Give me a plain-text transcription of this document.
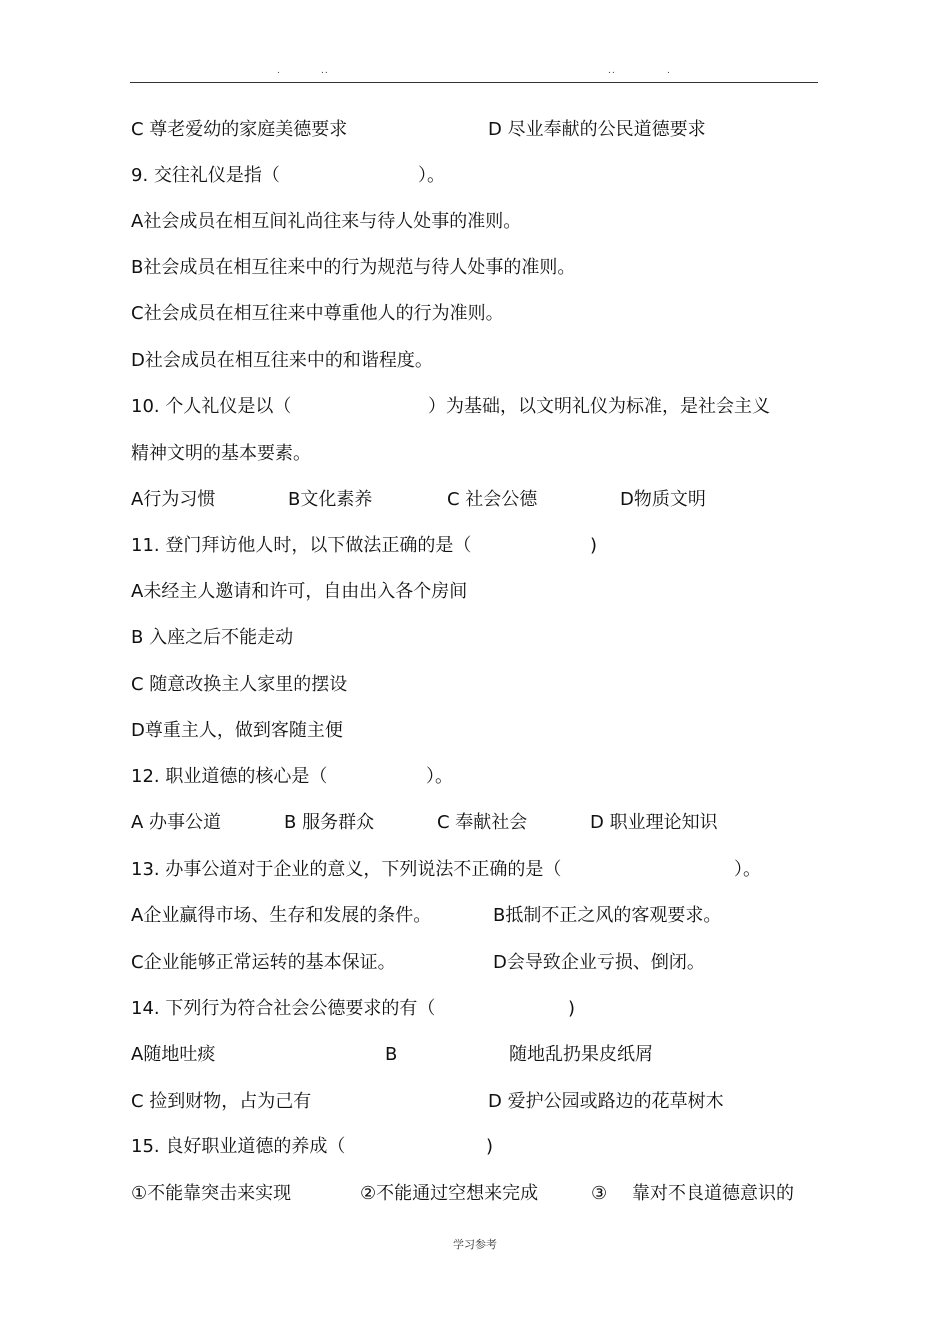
.	..	..	.
C 尊老爱幼的家庭美德要求	D 尽业奉献的公民道德要求
9. 交往礼仪是指（	）。
A社会成员在相互间礼尚往来与待人处事的准则。
B社会成员在相互往来中的行为规范与待人处事的准则。
C社会成员在相互往来中尊重他人的行为准则。
D社会成员在相互往来中的和谐程度。
10. 个人礼仪是以（	）为基础，以文明礼仪为标准，是社会主义
精神文明的基本要素。
A行为习惯	B文化素养	C 社会公德	D物质文明
11. 登门拜访他人时，以下做法正确的是（	)
A未经主人邀请和许可，自由出入各个房间
B 入座之后不能走动
C 随意改换主人家里的摆设
D尊重主人，做到客随主便
12. 职业道德的核心是（	）。
A 办事公道	B 服务群众	C 奉献社会	D 职业理论知识
13. 办事公道对于企业的意义，下列说法不正确的是（	）。
A企业赢得市场、生存和发展的条件。	B抵制不正之风的客观要求。
C企业能够正常运转的基本保证。	D会导致企业亏损、倒闭。
14. 下列行为符合社会公德要求的有（	)
A随地吐痰	B	随地乱扔果皮纸屑
C 捡到财物，占为己有	D 爱护公园或路边的花草树木
15. 良好职业道德的养成（	)
①不能靠突击来实现	②不能通过空想来完成	③ 靠对不良道德意识的
学习参考
